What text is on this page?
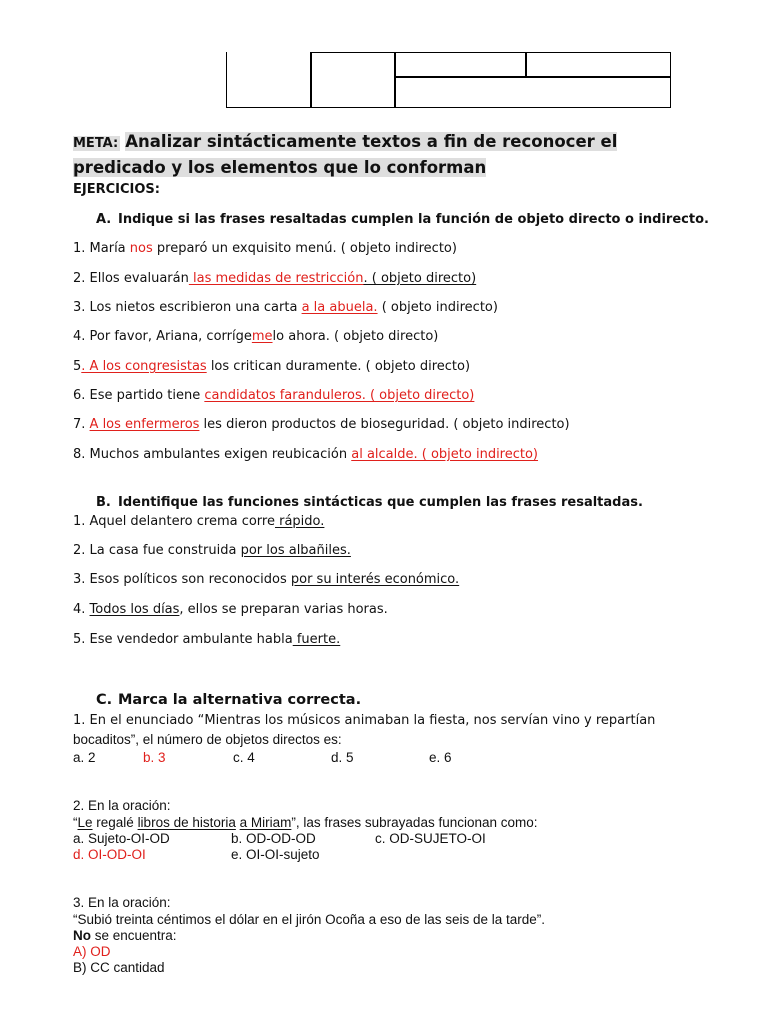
META: Analizar sintácticamente textos a fin de reconocer el predicado y los elementos que lo conforman
EJERCICIOS:
A. Indique si las frases resaltadas cumplen la función de objeto directo o indirecto.
1. María nos preparó un exquisito menú. ( objeto indirecto)
2. Ellos evaluarán las medidas de restricción. ( objeto directo)
3. Los nietos escribieron una carta a la abuela. ( objeto indirecto)
4. Por favor, Ariana, corrígemelo ahora. ( objeto directo)
5. A los congresistas los critican duramente. ( objeto directo)
6. Ese partido tiene candidatos faranduleros. ( objeto directo)
7. A los enfermeros les dieron productos de bioseguridad. ( objeto indirecto)
8. Muchos ambulantes exigen reubicación al alcalde. ( objeto indirecto)
B. Identifique las funciones sintácticas que cumplen las frases resaltadas.
1. Aquel delantero crema corre rápido.
2. La casa fue construida por los albañiles.
3. Esos políticos son reconocidos por su interés económico.
4. Todos los días, ellos se preparan varias horas.
5. Ese vendedor ambulante habla fuerte.
C. Marca la alternativa correcta.
1. En el enunciado “Mientras los músicos animaban la fiesta, nos servían vino y repartían
bocaditos”, el número de objetos directos es:
a. 2	b. 3	c. 4	d. 5	e. 6
2. En la oración:
“Le regalé libros de historia a Miriam”, las frases subrayadas funcionan como:
a. Sujeto-OI-OD	b. OD-OD-OD	c. OD-SUJETO-OI
d. OI-OD-OI	e. OI-OI-sujeto
3. En la oración:
“Subió treinta céntimos el dólar en el jirón Ocoña a eso de las seis de la tarde”.
No se encuentra:
A) OD
B) CC cantidad
